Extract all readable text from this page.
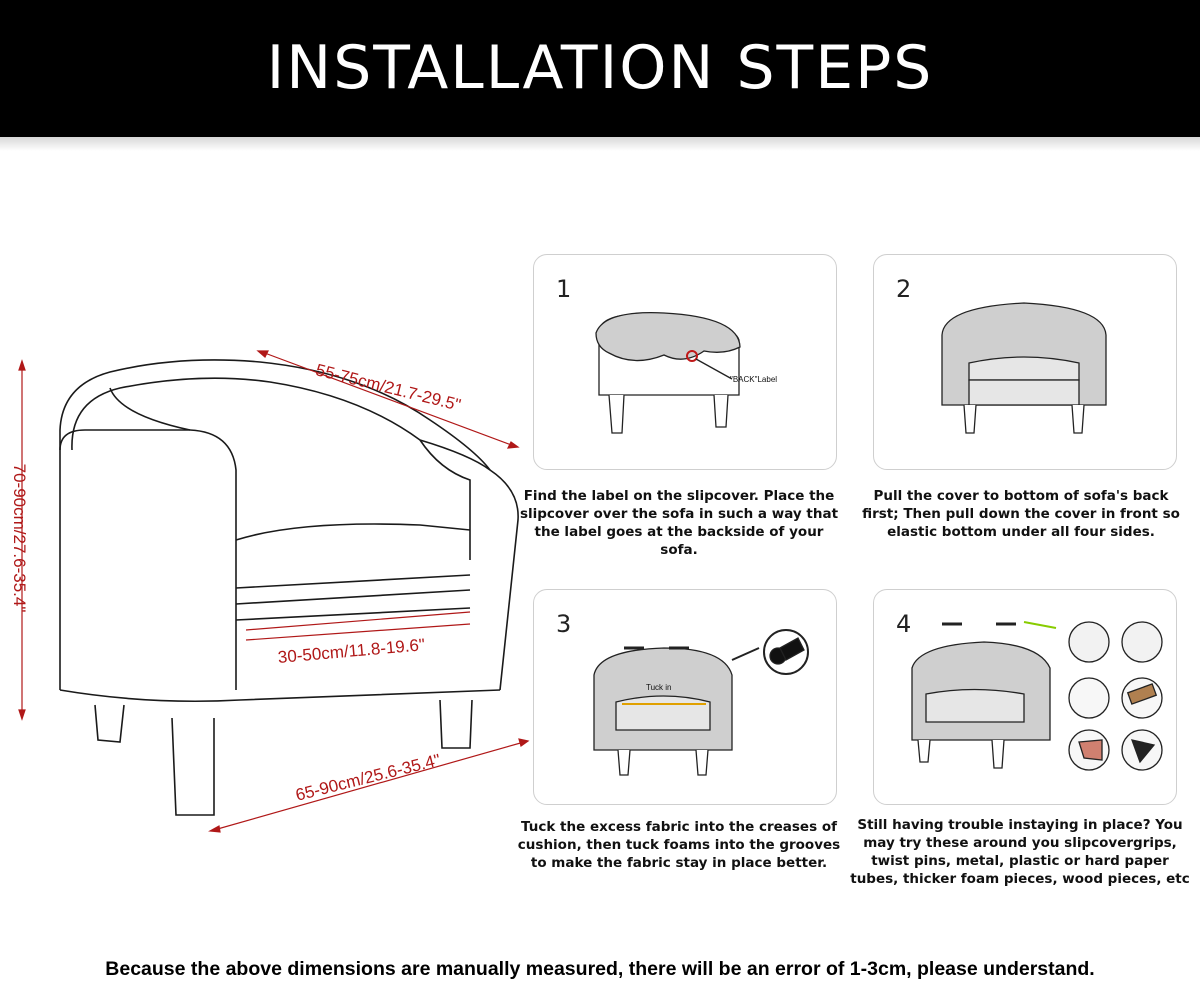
INSTALLATION STEPS
55-75cm/21.7-29.5"
30-50cm/11.8-19.6"
65-90cm/25.6-35.4"
70-90cm/27.6-35.4"
1
"BACK"Label
Find the label on the slipcover. Place the slipcover over the sofa in such a way that the label goes at the backside of your sofa.
2
Pull the cover to bottom of sofa's back first; Then pull down the cover in front so elastic bottom under all four sides.
3
Tuck in
Tuck the excess fabric into the creases of cushion, then tuck foams into the grooves to make the fabric stay in place better.
4
Still having trouble instaying in place? You may try these around you slipcovergrips, twist pins, metal, plastic or hard paper tubes, thicker foam pieces, wood pieces, etc
Because the above dimensions are manually measured, there will be an error of 1-3cm, please understand.
